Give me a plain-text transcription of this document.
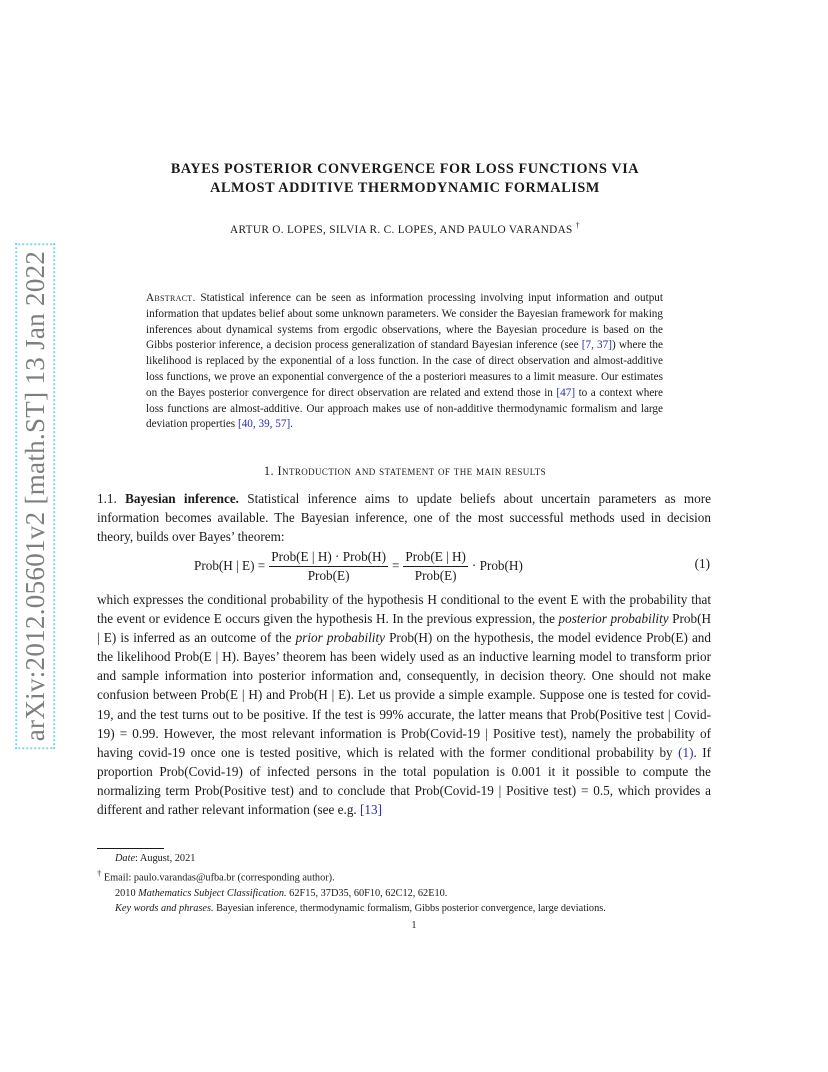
arXiv:2012.05601v2 [math.ST] 13 Jan 2022
BAYES POSTERIOR CONVERGENCE FOR LOSS FUNCTIONS VIA
ALMOST ADDITIVE THERMODYNAMIC FORMALISM
ARTUR O. LOPES, SILVIA R. C. LOPES, AND PAULO VARANDAS †
Abstract. Statistical inference can be seen as information processing involving input information and output information that updates belief about some unknown parameters. We consider the Bayesian framework for making inferences about dynamical systems from ergodic observations, where the Bayesian procedure is based on the Gibbs posterior inference, a decision process generalization of standard Bayesian inference (see [7, 37]) where the likelihood is replaced by the exponential of a loss function. In the case of direct observation and almost-additive loss functions, we prove an exponential convergence of the a posteriori measures to a limit measure. Our estimates on the Bayes posterior convergence for direct observation are related and extend those in [47] to a context where loss functions are almost-additive. Our approach makes use of non-additive thermodynamic formalism and large deviation properties [40, 39, 57].
1. Introduction and statement of the main results
1.1. Bayesian inference. Statistical inference aims to update beliefs about uncertain parameters as more information becomes available. The Bayesian inference, one of the most successful methods used in decision theory, builds over Bayes’ theorem:
Prob(H | $E) = \frac{\text{Prob(E | H) · Prob(H)}}{\text{Prob(E)}} = \frac{\text{Prob(E | H)}}{\text{Prob(E)}}$ · Prob(H)	(1)
which expresses the conditional probability of the hypothesis H conditional to the event E with the probability that the event or evidence E occurs given the hypothesis H. In the previous expression, the posterior probability Prob(H | E) is inferred as an outcome of the prior probability Prob(H) on the hypothesis, the model evidence Prob(E) and the likelihood Prob(E | H). Bayes’ theorem has been widely used as an inductive learning model to transform prior and sample information into posterior information and, consequently, in decision theory. One should not make confusion between Prob(E | H) and Prob(H | E). Let us provide a simple example. Suppose one is tested for covid-19, and the test turns out to be positive. If the test is 99% accurate, the latter means that Prob(Positive test | Covid-19) = 0.99. However, the most relevant information is Prob(Covid-19 | Positive test), namely the probability of having covid-19 once one is tested positive, which is related with the former conditional probability by (1). If proportion Prob(Covid-19) of infected persons in the total population is 0.001 it it possible to compute the normalizing term Prob(Positive test) and to conclude that Prob(Covid-19 | Positive test) = 0.5, which provides a different and rather relevant information (see e.g. [13]
Date: August, 2021
† Email: paulo.varandas@ufba.br (corresponding author).
2010 Mathematics Subject Classification. 62F15, 37D35, 60F10, 62C12, 62E10.
Key words and phrases. Bayesian inference, thermodynamic formalism, Gibbs posterior convergence, large deviations.
1
